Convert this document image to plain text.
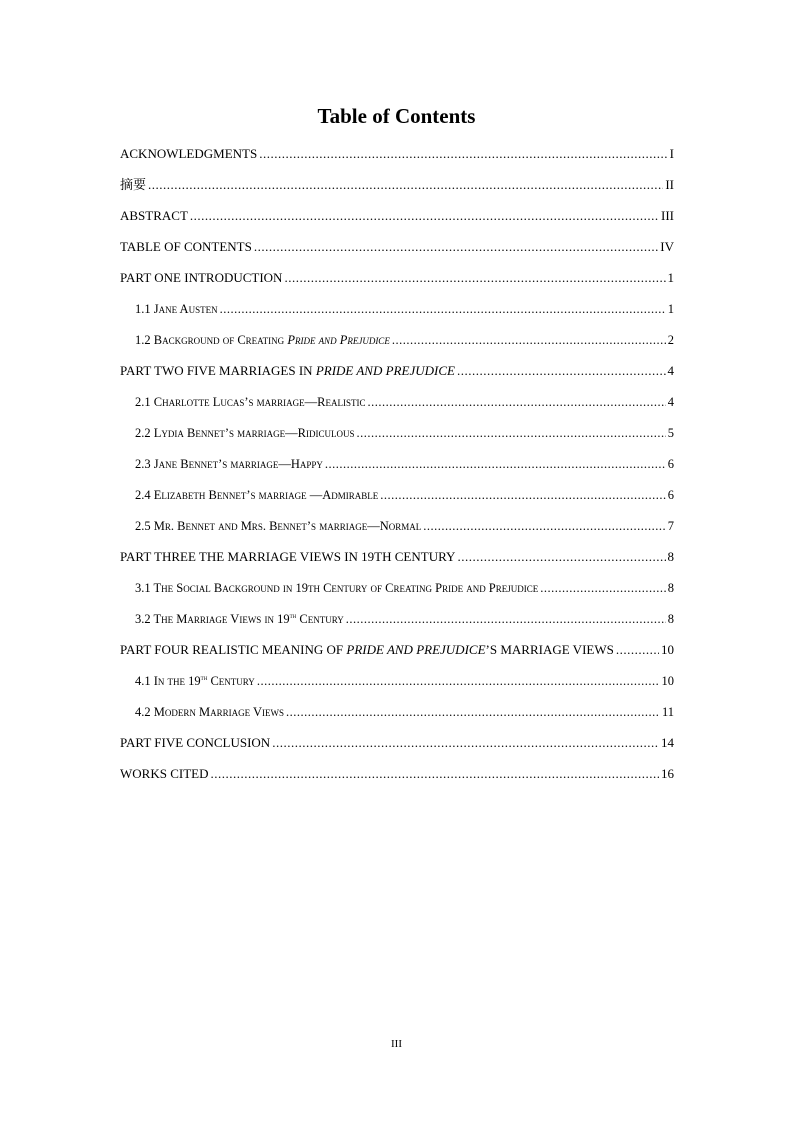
Table of Contents
ACKNOWLEDGMENTS .....	I
摘要 .....	II
ABSTRACT .....	III
TABLE OF CONTENTS .....	IV
PART ONE INTRODUCTION .....	1
1.1 Jane Austen .....	1
1.2 Background of Creating Pride and Prejudice .....	2
PART TWO FIVE MARRIAGES IN PRIDE AND PREJUDICE .....	4
2.1 Charlotte Lucas’s marriage—Realistic .....	4
2.2 Lydia Bennet’s marriage—Ridiculous .....	5
2.3 Jane Bennet’s marriage—Happy .....	6
2.4 Elizabeth Bennet’s marriage —Admirable .....	6
2.5 Mr. Bennet and Mrs. Bennet’s marriage—Normal .....	7
PART THREE THE MARRIAGE VIEWS IN 19TH CENTURY .....	8
3.1 The Social Background in 19th Century of Creating Pride and Prejudice .....	8
3.2 The Marriage Views in 19th Century .....	8
PART FOUR REALISTIC MEANING OF PRIDE AND PREJUDICE’S MARRIAGE VIEWS .....	10
4.1 In the 19th Century .....	10
4.2 Modern Marriage Views .....	11
PART FIVE CONCLUSION .....	14
WORKS CITED .....	16
III
